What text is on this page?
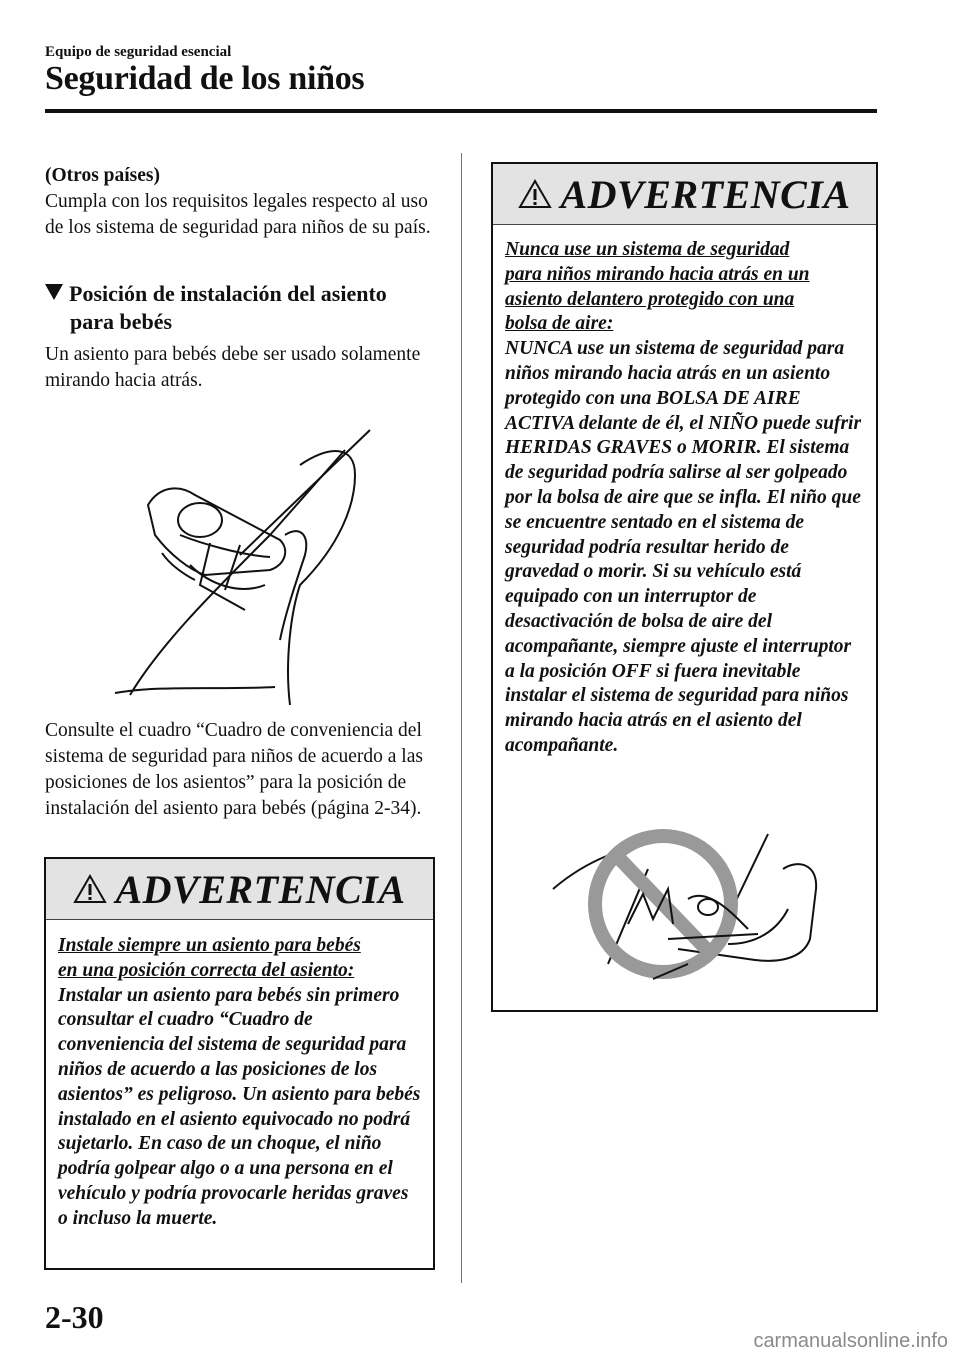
Equipo de seguridad esencial
Seguridad de los niños
(Otros países)
Cumpla con los requisitos legales respecto al uso de los sistema de seguridad para niños de su país.
Posición de instalación del asiento
para bebés
Un asiento para bebés debe ser usado solamente mirando hacia atrás.
Consulte el cuadro “Cuadro de conveniencia del sistema de seguridad para niños de acuerdo a las posiciones de los asientos” para la posición de instalación del asiento para bebés (página 2-34).
ADVERTENCIA
Instale siempre un asiento para bebés
en una posición correcta del asiento:
Instalar un asiento para bebés sin primero consultar el cuadro “Cuadro de conveniencia del sistema de seguridad para niños de acuerdo a las posiciones de los asientos” es peligroso. Un asiento para bebés instalado en el asiento equivocado no podrá sujetarlo. En caso de un choque, el niño podría golpear algo o a una persona en el vehículo y podría provocarle heridas graves o incluso la muerte.
ADVERTENCIA
Nunca use un sistema de seguridad
para niños mirando hacia atrás en un
asiento delantero protegido con una
bolsa de aire:
NUNCA use un sistema de seguridad para niños mirando hacia atrás en un asiento protegido con una BOLSA DE AIRE ACTIVA delante de él, el NIÑO puede sufrir HERIDAS GRAVES o MORIR. El sistema de seguridad podría salirse al ser golpeado por la bolsa de aire que se infla. El niño que se encuentre sentado en el sistema de seguridad podría resultar herido de gravedad o morir. Si su vehículo está equipado con un interruptor de desactivación de bolsa de aire del acompañante, siempre ajuste el interruptor a la posición OFF si fuera inevitable instalar el sistema de seguridad para niños mirando hacia atrás en el asiento del acompañante.
2-30
carmanualsonline.info
